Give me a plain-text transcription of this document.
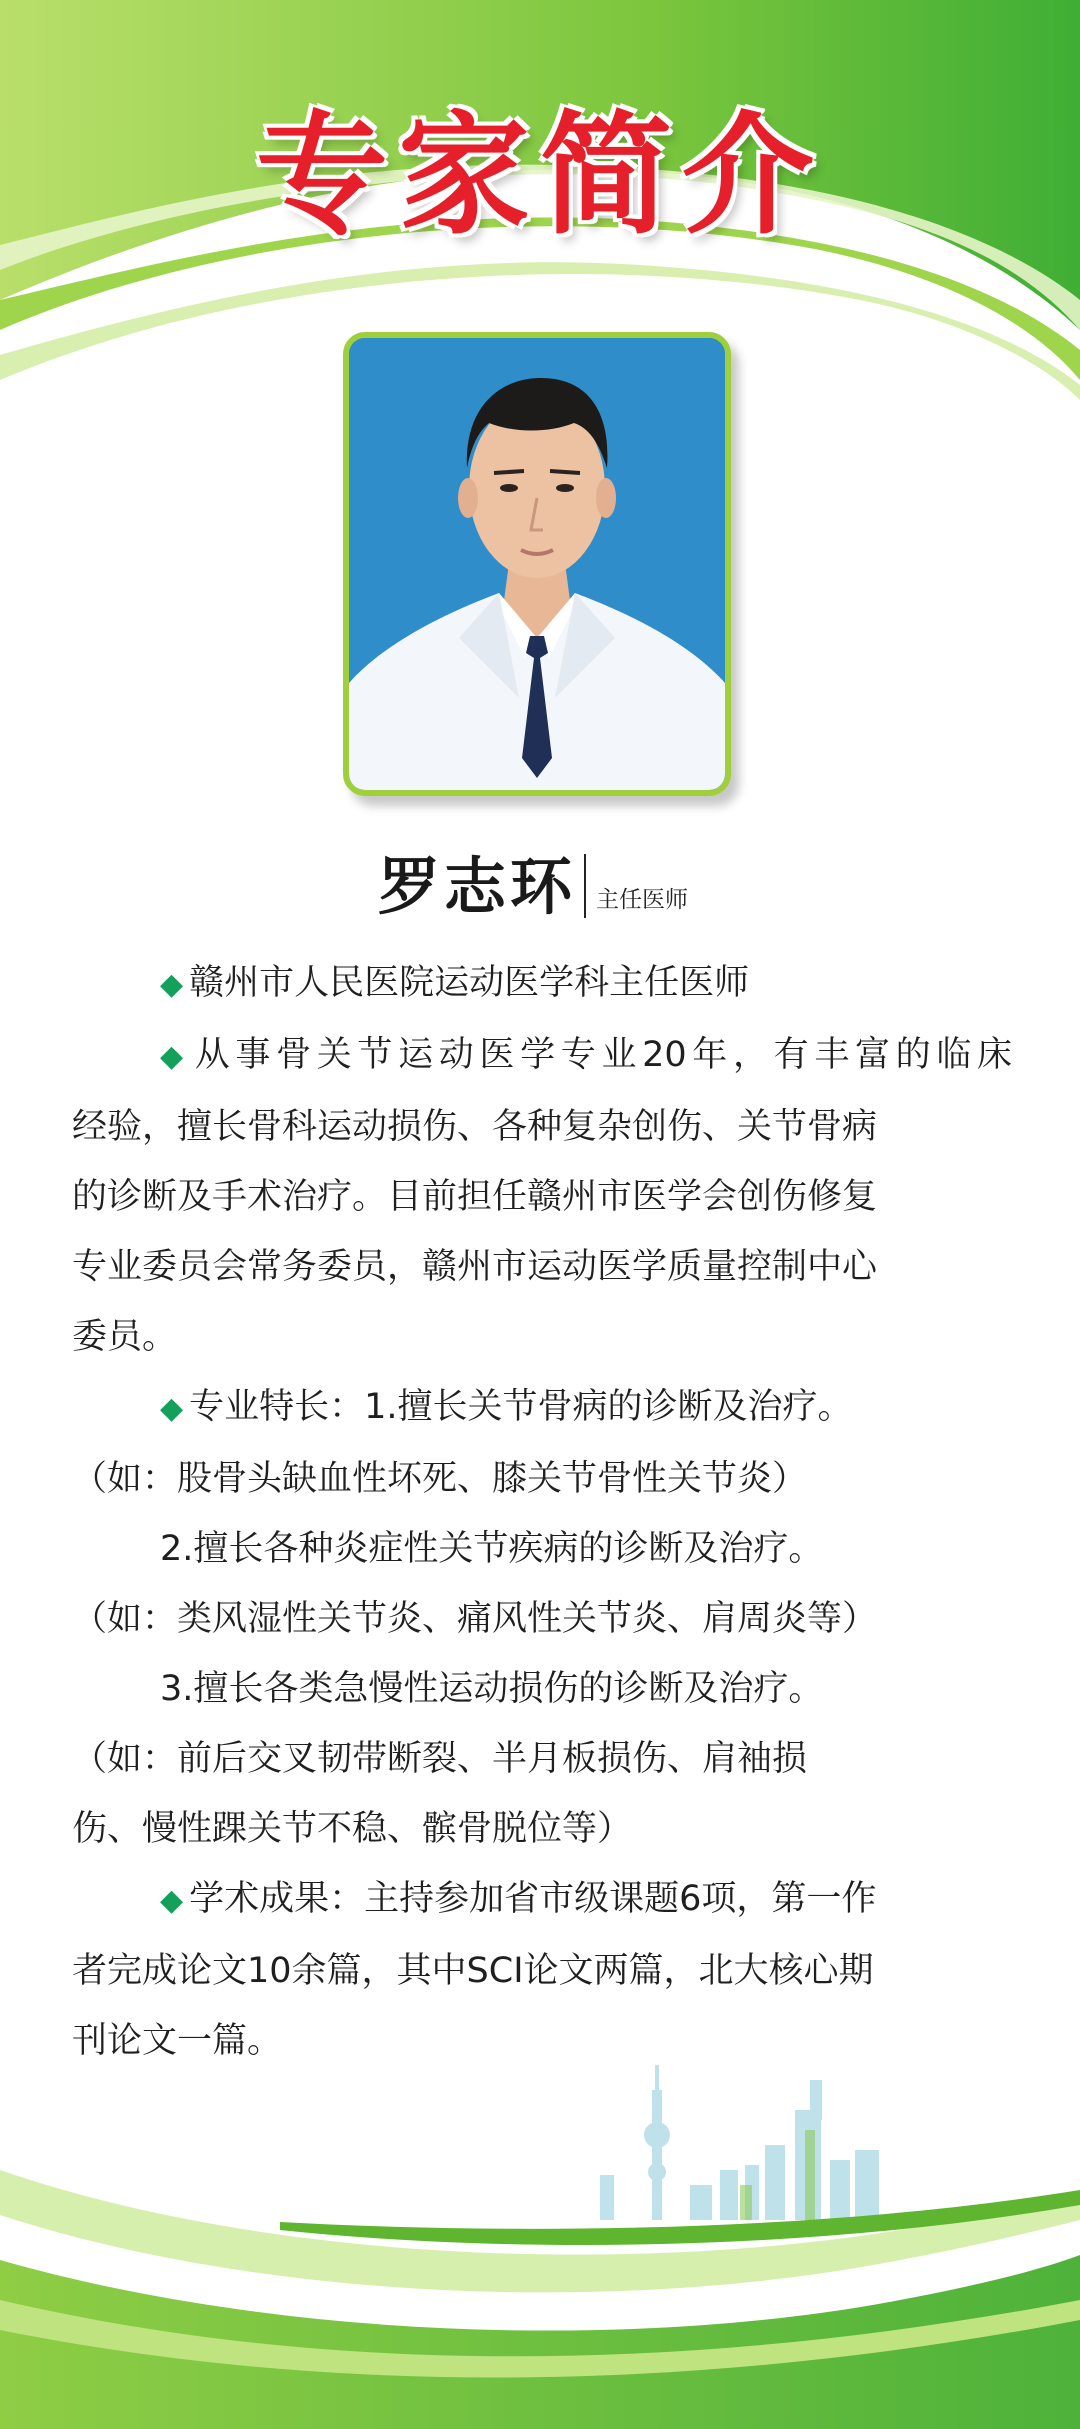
专家简介
罗志环 主任医师

◆ 赣州市人民医院运动医学科主任医师

◆ 从事骨关节运动医学专业20年，有丰富的临床

经验，擅长骨科运动损伤、各种复杂创伤、关节骨病

的诊断及手术治疗。目前担任赣州市医学会创伤修复

专业委员会常务委员，赣州市运动医学质量控制中心

委员。

◆ 专业特长：1.擅长关节骨病的诊断及治疗。

（如：股骨头缺血性坏死、膝关节骨性关节炎）

2.擅长各种炎症性关节疾病的诊断及治疗。

（如：类风湿性关节炎、痛风性关节炎、肩周炎等）

3.擅长各类急慢性运动损伤的诊断及治疗。

（如：前后交叉韧带断裂、半月板损伤、肩袖损

伤、慢性踝关节不稳、髌骨脱位等）

◆ 学术成果：主持参加省市级课题6项，第一作

者完成论文10余篇，其中SCI论文两篇，北大核心期

刊论文一篇。
